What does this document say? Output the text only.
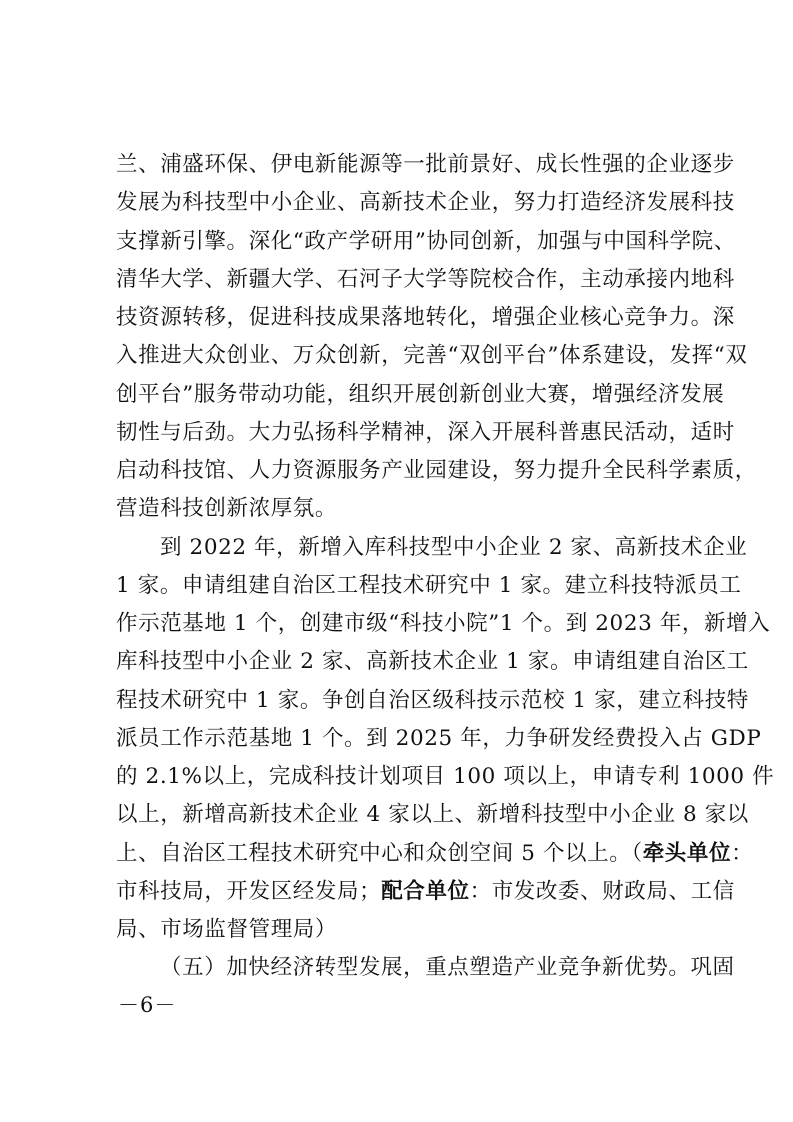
兰、浦盛环保、伊电新能源等一批前景好、成长性强的企业逐步
发展为科技型中小企业、高新技术企业，努力打造经济发展科技
支撑新引擎。深化“政产学研用”协同创新，加强与中国科学院、
清华大学、新疆大学、石河子大学等院校合作，主动承接内地科
技资源转移，促进科技成果落地转化，增强企业核心竞争力。深
入推进大众创业、万众创新，完善“双创平台”体系建设，发挥“双
创平台”服务带动功能，组织开展创新创业大赛，增强经济发展
韧性与后劲。大力弘扬科学精神，深入开展科普惠民活动，适时
启动科技馆、人力资源服务产业园建设，努力提升全民科学素质，
营造科技创新浓厚氛。
到 2022 年，新增入库科技型中小企业 2 家、高新技术企业
1 家。申请组建自治区工程技术研究中 1 家。建立科技特派员工
作示范基地 1 个，创建市级“科技小院”1 个。到 2023 年，新增入
库科技型中小企业 2 家、高新技术企业 1 家。申请组建自治区工
程技术研究中 1 家。争创自治区级科技示范校 1 家，建立科技特
派员工作示范基地 1 个。到 2025 年，力争研发经费投入占 GDP
的 2.1%以上，完成科技计划项目 100 项以上，申请专利 1000 件
以上，新增高新技术企业 4 家以上、新增科技型中小企业 8 家以
上、自治区工程技术研究中心和众创空间 5 个以上。（牵头单位：
市科技局，开发区经发局；配合单位：市发改委、财政局、工信
局、市场监督管理局）
（五）加快经济转型发展，重点塑造产业竞争新优势。巩固
－6－
